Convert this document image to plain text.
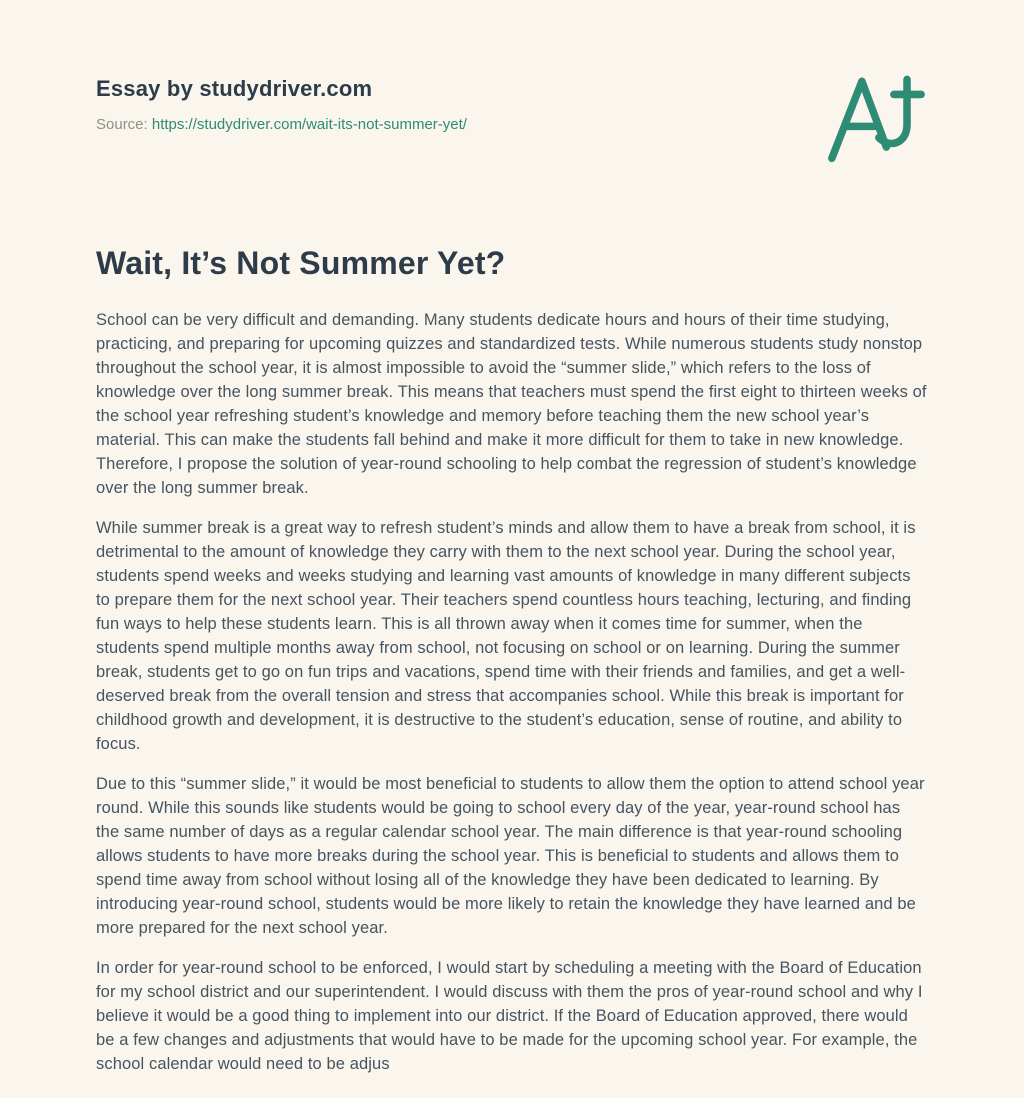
Essay by studydriver.com
Source: https://studydriver.com/wait-its-not-summer-yet/
Wait, It’s Not Summer Yet?

School can be very difficult and demanding. Many students dedicate hours and hours of their time studying, practicing, and preparing for upcoming quizzes and standardized tests. While numerous students study nonstop throughout the school year, it is almost impossible to avoid the “summer slide,” which refers to the loss of knowledge over the long summer break. This means that teachers must spend the first eight to thirteen weeks of the school year refreshing student’s knowledge and memory before teaching them the new school year’s material. This can make the students fall behind and make it more difficult for them to take in new knowledge. Therefore, I propose the solution of year-round schooling to help combat the regression of student’s knowledge over the long summer break.

While summer break is a great way to refresh student’s minds and allow them to have a break from school, it is detrimental to the amount of knowledge they carry with them to the next school year. During the school year, students spend weeks and weeks studying and learning vast amounts of knowledge in many different subjects to prepare them for the next school year. Their teachers spend countless hours teaching, lecturing, and finding fun ways to help these students learn. This is all thrown away when it comes time for summer, when the students spend multiple months away from school, not focusing on school or on learning. During the summer break, students get to go on fun trips and vacations, spend time with their friends and families, and get a well-deserved break from the overall tension and stress that accompanies school. While this break is important for childhood growth and development, it is destructive to the student’s education, sense of routine, and ability to focus.

Due to this “summer slide,” it would be most beneficial to students to allow them the option to attend school year round. While this sounds like students would be going to school every day of the year, year-round school has the same number of days as a regular calendar school year. The main difference is that year-round schooling allows students to have more breaks during the school year. This is beneficial to students and allows them to spend time away from school without losing all of the knowledge they have been dedicated to learning. By introducing year-round school, students would be more likely to retain the knowledge they have learned and be more prepared for the next school year.

In order for year-round school to be enforced, I would start by scheduling a meeting with the Board of Education for my school district and our superintendent. I would discuss with them the pros of year-round school and why I believe it would be a good thing to implement into our district. If the Board of Education approved, there would be a few changes and adjustments that would have to be made for the upcoming school year. For example, the school calendar would need to be adjus
